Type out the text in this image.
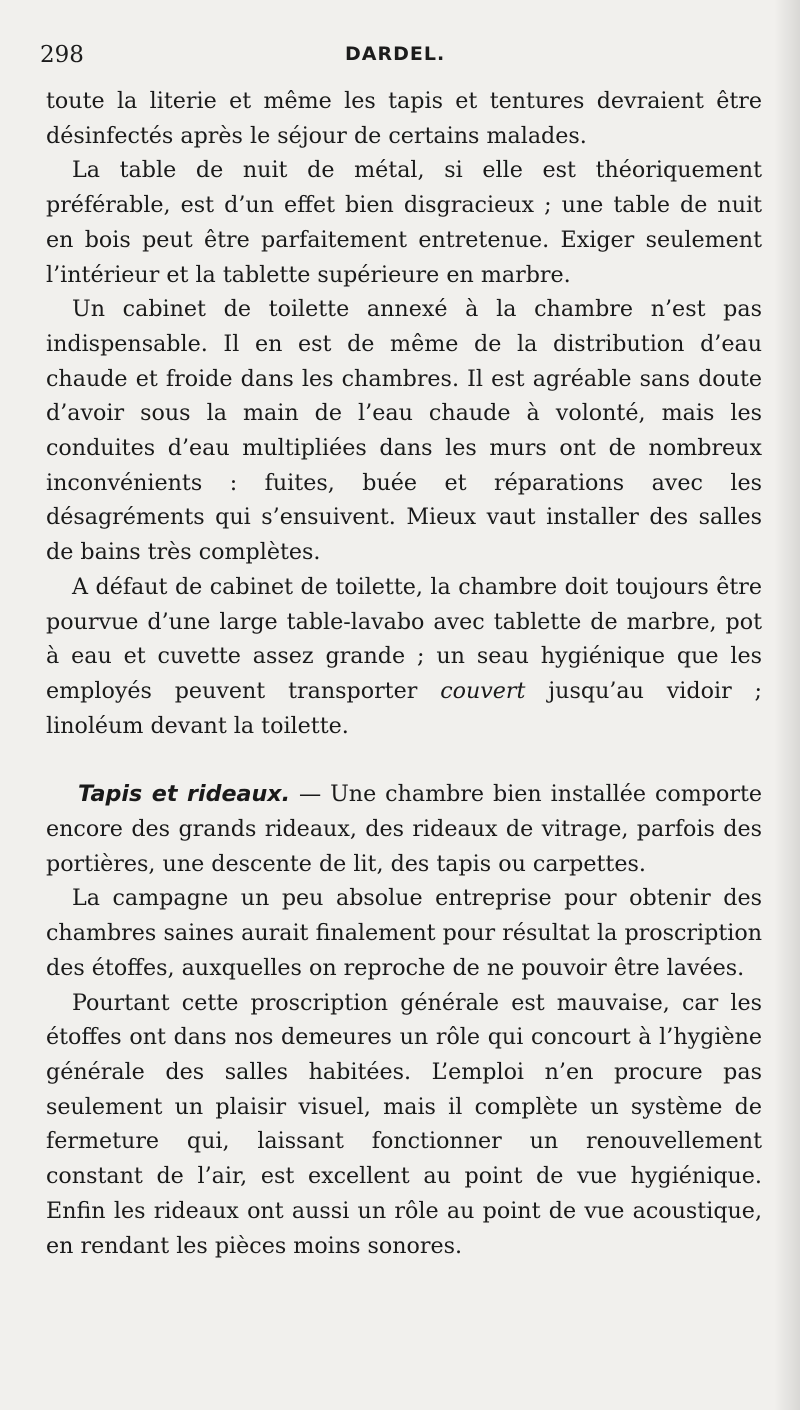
298	DARDEL.

toute la literie et même les tapis et tentures devraient être désinfectés après le séjour de certains malades.

La table de nuit de métal, si elle est théoriquement préférable, est d’un effet bien disgracieux ; une table de nuit en bois peut être parfaitement entretenue. Exiger seulement l’intérieur et la tablette supérieure en marbre.

Un cabinet de toilette annexé à la chambre n’est pas indispensable. Il en est de même de la distribution d’eau chaude et froide dans les chambres. Il est agréable sans doute d’avoir sous la main de l’eau chaude à volonté, mais les conduites d’eau multipliées dans les murs ont de nombreux inconvénients : fuites, buée et réparations avec les désagréments qui s’ensuivent. Mieux vaut installer des salles de bains très complètes.

A défaut de cabinet de toilette, la chambre doit toujours être pourvue d’une large table-lavabo avec tablette de marbre, pot à eau et cuvette assez grande ; un seau hygiénique que les employés peuvent transporter couvert jusqu’au vidoir ; linoléum devant la toilette.

Tapis et rideaux. — Une chambre bien installée comporte encore des grands rideaux, des rideaux de vitrage, parfois des portières, une descente de lit, des tapis ou carpettes.

La campagne un peu absolue entreprise pour obtenir des chambres saines aurait finalement pour résultat la proscription des étoffes, auxquelles on reproche de ne pouvoir être lavées.

Pourtant cette proscription générale est mauvaise, car les étoffes ont dans nos demeures un rôle qui concourt à l’hygiène générale des salles habitées. L’emploi n’en procure pas seulement un plaisir visuel, mais il complète un système de fermeture qui, laissant fonctionner un renouvellement constant de l’air, est excellent au point de vue hygiénique. Enfin les rideaux ont aussi un rôle au point de vue acoustique, en rendant les pièces moins sonores.
